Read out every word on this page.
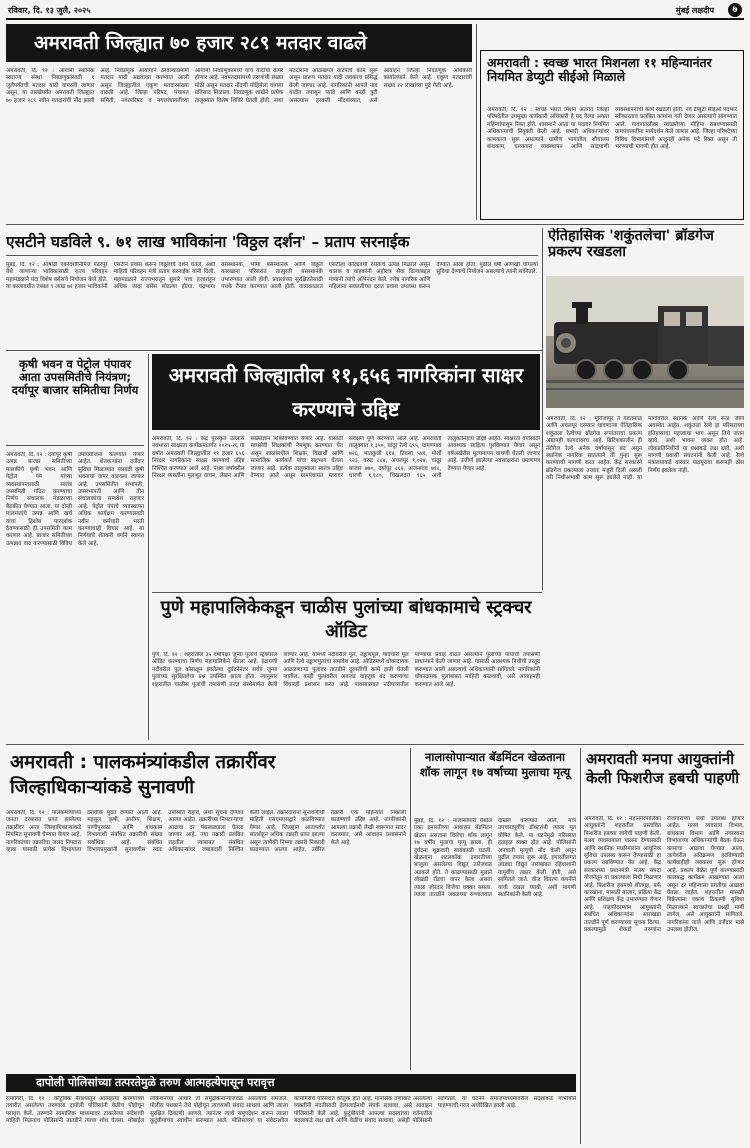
रविवार, दि. १३ जुलै, २०२५	मुंबई लक्षदीप	७
अमरावती जिल्ह्यात ७० हजार २८९ मतदार वाढले
अमरावती, दि. १२ : आगामी स्थानिक स्वराज्य संस्था निवडणुकांसाठी १ जुलैपर्यंतची मतदार यादी वापरली जाणार असून, या तारखेपर्यंत अमरावती जिल्ह्यात ७० हजार २८९ नवीन मतदारांची नोंद झाली आहे. निवडणूक आयोगाने ठरवल्याप्रमाणे मतदार यादी अद्ययावत करण्यात आली असून जिल्ह्यातील एकूण मतदारसंख्या वाढली आहे. जिल्हा परिषद, पंचायत समिती, नगरपरिषद व नगरपंचायतींच्या आगामी निवडणुकांमध्ये याच यादीचा वापर होणार आहे. नवमतदारांमध्ये तरुणांची संख्या मोठी असून मतदार नोंदणी मोहिमेला चांगला प्रतिसाद मिळाला. निवडणूक शाखेने प्रत्येक तालुक्यात विशेष शिबिरे घेतली होती. नव्या मतदारांना ओळखपत्र वाटपाचे काम सुरू असून प्रारूप मतदार यादी लवकरच प्रसिद्ध केली जाणार आहे. नागरिकांनी आपले नाव यादीत तपासून घ्यावे आणि काही त्रुटी असल्यास हरकती नोंदवाव्यात, असे आवाहन जिल्हा निवडणूक अधिकारी कार्यालयाने केले आहे. एकूण मतदारांची संख्या २२ लाखांच्या पुढे गेली आहे.
अमरावती : स्वच्छ भारत मिशनला ११ महिन्यानंतर नियमित डेप्युटी सीईओ मिळाले
अमरावती, दि. १२ : स्वच्छ भारत मिशन अंतर्गत जिल्हा परिषदेतील उपमुख्य कार्यकारी अधिकारी हे पद गेल्या अकरा महिन्यांपासून रिक्त होते. शासनाने आता या पदावर नियमित अधिकाऱ्याची नियुक्ती केली आहे. प्रभारी अधिकाऱ्यांवर कामकाज सुरू असल्याने ग्रामीण भागातील शौचालय बांधकाम, घनकचरा व्यवस्थापन आणि सांडपाणी व्यवस्थापनाची कामे रखडली होती. नवे डेप्युटी सीईओ पदभार स्वीकारताच प्रलंबित कामांना गती देणार असल्याचे सांगण्यात आले. गावपातळीवर स्वच्छतेच्या मोहिमा राबवण्यासाठी ग्रामपंचायतींना मार्गदर्शन केले जाणार आहे. जिल्हा परिषदेच्या विविध विभागांमध्ये अजूनही अनेक पदे रिक्त असून ती भरण्याची मागणी होत आहे.
एसटीने घडविले ९. ७१ लाख भाविकांना 'विठ्ठल दर्शन' – प्रताप सरनाईक
मुंबई, दि. १२ : आषाढी एकादशीनिमित्त पंढरपूर येथे जाणाऱ्या भाविकांसाठी राज्य परिवहन महामंडळाने यंदा विशेष बसेसचे नियोजन केले होते. या कालावधीत तब्बल ९ लाख ७१ हजार भाविकांनी एसटीने प्रवास करून विठ्ठलाचे दर्शन घेतले, अशी माहिती परिवहन मंत्री प्रताप सरनाईक यांनी दिली. महामंडळाने राज्यभरातून सुमारे पाच हजारांहून अधिक जादा बसेस सोडल्या होत्या. चंद्रभागा बसस्थानक, भीमा बसस्थानक आणि विठ्ठल कारखाना परिसरात तात्पुरती बसस्थानके उभारण्यात आली होती. प्रवाशांच्या सुरक्षिततेसाठी पथके तैनात करण्यात आली होती. यात्राकाळात एसटीला कोट्यवधी रुपयांचे उत्पन्न मिळाले असून चालक व वाहकांनी अहोरात्र सेवा दिल्याबद्दल मंत्र्यांनी त्यांचे अभिनंदन केले. ज्येष्ठ नागरिक आणि महिलांना सवलतीच्या दरात प्रवास उपलब्ध करून देण्यात आला होता. पुढील वर्षी आणखी चांगल्या सुविधा देण्याचे नियोजन असल्याचे त्यांनी सांगितले.
ऐतिहासिक 'शकुंतलेचा' ब्रॉडगेज प्रकल्प रखडला
अमरावती, दि. १२ : मूर्तिजापूर ते यवतमाळ आणि अचलपूर दरम्यान धावणाऱ्या ऐतिहासिक शकुंतला रेल्वेच्या ब्रॉडगेज रूपांतराचा प्रकल्प अद्यापही कागदावरच आहे. ब्रिटिशकालीन ही नॅरोगेज रेल्वे अनेक वर्षांपासून बंद असून स्थानिक नागरिक सातत्याने ती पुन्हा सुरू करण्याची मागणी करत आहेत. केंद्र सरकारने ब्रॉडगेज प्रकल्पाला तत्त्वतः मंजुरी दिली असली तरी निधीअभावी काम सुरू झालेले नाही. या मार्गावरील स्थानके आणि रेल्वे रूळ जीर्ण अवस्थेत आहेत. शकुंतला रेल्वे हा परिसराच्या इतिहासाचा महत्त्वाचा भाग असून तिचे जतन व्हावे, अशी भावना व्यक्त होत आहे. लोकप्रतिनिधींनी या प्रश्नाकडे लक्ष द्यावे, अशी मागणी प्रवासी संघटनांनी केली आहे. रेल्वे मंत्रालयाकडे वारंवार पाठपुरावा करूनही ठोस निर्णय झालेला नाही.
कृषी भवन व पेट्रोल पंपावर आता उपसमितीचे नियंत्रण; दर्यापूर बाजार समितीचा निर्णय
अमरावती, दि. १२ : दर्यापूर कृषी उत्पन्न बाजार समितीच्या मालकीचे कृषी भवन आणि पेट्रोल पंप यांच्या व्यवस्थापनासाठी स्वतंत्र उपसमिती गठित करण्याचा निर्णय संचालक मंडळाच्या बैठकीत घेण्यात आला. या दोन्ही मालमत्तांचे उत्पन्न आणि खर्च यांचा हिशोब पारदर्शक ठेवण्यासाठी ही उपसमिती काम करणार आहे. बाजार समितीच्या उत्पन्नात वाढ करण्यासाठी विविध उपाययोजना करण्यात येणार आहेत. शेतकऱ्यांना दर्जेदार सुविधा मिळाव्यात यासाठी कृषी भवनाचा वापर वाढवला जाणार आहे. उपसमितीत सभापती, उपसभापती आणि तीन संचालकांचा समावेश राहणार आहे. पेट्रोल पंपाचे व्यवस्थापन अधिक कार्यक्षम करण्यासाठी नवीन कर्मचारी भरती करण्याचाही विचार आहे. या निर्णयाचे शेतकरी वर्गाने स्वागत केले आहे.
अमरावती जिल्ह्यातील ११,६५६ नागरिकांना साक्षर करण्याचे उद्दिष्ट
अमरावती, दि. १२ : केंद्र पुरस्कृत उल्लास नवभारत साक्षरता कार्यक्रमांतर्गत २०२५-२६ या वर्षात अमरावती जिल्ह्यातील ११ हजार ६५६ निरक्षर नागरिकांना साक्षर करण्याचे उद्दिष्ट निश्चित करण्यात आले आहे. पंधरा वर्षांवरील निरक्षर व्यक्तींना मूलभूत वाचन, लेखन आणि संख्याज्ञान शिकविण्यात येणार आहे. यासाठी स्वयंसेवी शिक्षकांची नेमणूक करण्यात येत असून शाळांमधील शिक्षक, विद्यार्थी आणि सामाजिक कार्यकर्ते यांचा सहभाग घेतला जाणार आहे. प्रत्येक तालुक्याला स्वतंत्र उद्दिष्ट देण्यात आले असून ग्रामपंचायत स्तरावर सर्वेक्षण पूर्ण करण्यात आले आहे. अमरावती तालुक्यात १,३५०, चांदूर रेल्वे ६९५, धामणगाव ७२६, भातकुली ६१४, तिवसा ५४१, मोर्शी ९२३, वरुड ८८४, अचलपूर १,०२४, चांदूर बाजार ७७०, दर्यापूर ८६२, अंजनगाव ७१८, धारणी १,१८०, चिखलदरा ९६५ अशी तालुकानिहाय उद्दिष्टे आहेत. साक्षरता वर्गांसाठी आवश्यक साहित्य पुरविण्यात येणार असून वर्षअखेरीस मूल्यमापन चाचणी घेतली जाणार आहे. उत्तीर्ण झालेल्या नवसाक्षरांना प्रमाणपत्र देण्यात येणार आहे.
पुणे महापालिकेकडून चाळीस पुलांच्या बांधकामाचे स्ट्रक्चर ऑडिट
पुणे, दि. १२ : शहरातील ३५ वर्षांपेक्षा जुन्या पुलांचे स्ट्रक्चरल ऑडिट करण्याचा निर्णय महापालिकेने घेतला आहे. इंद्रायणी नदीवरील पूल कोसळून झालेल्या दुर्घटनेनंतर सर्वच जुन्या पुलांच्या सुरक्षिततेचा प्रश्न उपस्थित झाला होता. त्यानुसार शहरातील चाळीस पुलांची तपासणी तज्ज्ञ संस्थेमार्फत केली जाणार आहे. यामध्ये नदीवरील पूल, उड्डाणपूल, पादचारी पूल आणि रेल्वे उड्डाणपुलांचा समावेश आहे. ऑडिटमध्ये धोकादायक आढळणाऱ्या पुलांवर तातडीने दुरुस्तीची कामे हाती घेतली जातील. काही पुलांवरील अवजड वाहतूक बंद करण्याचा विचारही प्रशासन करत आहे. पावसाळ्यात नदीपात्रातील पाण्याचा प्रवाह वाढत असल्याने पुलांच्या पायाची तपासणी प्राधान्याने केली जाणार आहे. यासाठी आवश्यक निधीची तरतूद करण्यात आली असल्याचे अधिकाऱ्यांनी सांगितले. नागरिकांनी धोकादायक पुलांबाबत माहिती कळवावी, असे आवाहनही करण्यात आले आहे.
अमरावती : पालकमंत्र्यांकडील तक्रारींवर जिल्हाधिकाऱ्यांकडे सुनावणी
अमरावती, दि. १२ : पालकमंत्र्यांच्या जनता दरबारात प्राप्त झालेल्या तक्रारींवर आता जिल्हाधिकाऱ्यांकडे नियमित सुनावणी घेण्यात येणार आहे. नागरिकांच्या तक्रारींचा जलद निपटारा व्हावा यासाठी प्रत्येक विभागाला ठरावीक मुदत देण्यात आली आहे. महसूल, कृषी, आरोग्य, शिक्षण, पाणीपुरवठा आणि बांधकाम विभागाशी संबंधित तक्रारींची संख्या सर्वाधिक आहे. संबंधित विभागप्रमुखांनी सुनावणीस स्वतः उपस्थित राहावे, अशा सूचना देण्यात आल्या आहेत. तक्रारींच्या निपटाऱ्याचा आढावा दर पंधरवड्याला घेतला जाणार आहे. ज्या तक्रारी प्रलंबित राहतील त्याबाबत संबंधित अधिकाऱ्यांवर जबाबदारी निश्चित केली जाईल. तक्रारदारांना सुनावणीची माहिती एसएमएसद्वारे कळविण्यात येणार आहे. जिल्ह्यात आतापर्यंत सातशेहून अधिक तक्रारी प्राप्त झाल्या असून त्यापैकी निम्म्या तक्रारी निकाली काढण्यात आल्या आहेत. उर्वरित तक्रारी एक महिन्यात निकाली काढण्याचे उद्दिष्ट आहे. नागरिकांनी आपल्या तक्रारी लेखी स्वरूपात सादर कराव्यात, असे आवाहन प्रशासनाने केले आहे.
नालासोपाऱ्यात बॅडमिंटन खेळताना शॉक लागून १७ वर्षाच्या मुलाचा मृत्यू
मुंबई, दि. १२ : नालासोपारा येथील एका इमारतीच्या आवारात बॅडमिंटन खेळत असताना विजेचा शॉक लागून १७ वर्षीय मुलाचा मृत्यू झाला. ही दुर्घटना शुक्रवारी सायंकाळी घडली. खेळताना शटलकॉक इमारतीच्या बाजूला असलेल्या विद्युत तारेजवळ अडकले होते. ते काढण्यासाठी मुलाने लोखंडी रॉडचा वापर केला असता त्याला जोरदार विजेचा धक्का बसला. त्याला तातडीने जवळच्या रुग्णालयात दाखल करण्यात आले, मात्र उपचारापूर्वीच डॉक्टरांनी त्याला मृत घोषित केले. या घटनेमुळे परिसरात हळहळ व्यक्त होत आहे. पोलिसांनी अपघाती मृत्यूची नोंद केली असून पुढील तपास सुरू आहे. इमारतीलगत उघड्या विद्युत तारांबाबत रहिवाशांनी यापूर्वीच तक्रार केली होती, असे सांगितले जाते. वीज वितरण कंपनीने याची दखल घ्यावी, अशी मागणी स्थानिकांनी केली आहे.
अमरावती मनपा आयुक्तांनी केली फिशरीज हबची पाहणी
अमरावती, दि. १२ : महानगरपालिका आयुक्तांनी शहरातील प्रस्तावित फिशरीज हबच्या जागेची पाहणी केली. मत्स्य व्यवसायाला चालना देण्यासाठी आणि स्थानिक मच्छीमारांना आधुनिक सुविधा उपलब्ध करून देण्यासाठी हा प्रकल्प राबविण्यात येत आहे. केंद्र सरकारच्या प्रधानमंत्री मत्स्य संपदा योजनेतून या प्रकल्पाला निधी मिळणार आहे. फिशरीज हबमध्ये शीतगृह, बर्फ कारखाना, मासळी बाजार, प्रक्रिया केंद्र आणि प्रशिक्षण केंद्र उभारण्यात येणार आहे. पाहणीदरम्यान आयुक्तांनी संबंधित अधिकाऱ्यांना आराखडा तातडीने पूर्ण करण्याच्या सूचना दिल्या. प्रकल्पामुळे शेकडो तरुणांना रोजगाराच्या संधी उपलब्ध होणार आहेत. मत्स्य व्यवसाय विभाग, बांधकाम विभाग आणि नगररचना विभागाच्या अधिकाऱ्यांची बैठक घेऊन कामाचा आढावा घेण्यात आला. जागेवरील अतिक्रमण हटविण्याची कार्यवाहीही लवकरच सुरू होणार आहे. प्रकल्प वेळेत पूर्ण करण्यासाठी कालबद्ध कार्यक्रम आखण्यात आला असून दर महिन्याला प्रगतीचा आढावा घेतला जाईल. शहरातील मासळी विक्रेत्यांना एकाच ठिकाणी सुविधा मिळाल्याने स्वच्छतेचा प्रश्नही मार्गी लागेल, असे आयुक्तांनी सांगितले. नागरिकांना ताजे आणि दर्जेदार मासे उपलब्ध होतील.
दापोली पोलिसांच्या तत्परतेमुळे तरुण आत्महत्येपासून परावृत्त
रत्नागिरी, दि. १२ : कौटुंबिक नैराश्यातून आत्महत्या करण्याच्या तयारीत असलेल्या तरुणाला दापोली पोलिसांनी वेळीच पोहोचून परावृत्त केले. तरुणाने सामाजिक माध्यमावर टाकलेल्या संदेशाची माहिती मिळताच पोलिसांनी तातडीने त्याचा शोध घेतला. मोबाईल लोकेशनच्या आधारे तो समुद्रकिनाऱ्याजवळ असल्याचे समजले. पोलीस पथकाने तेथे पोहोचून त्याच्याशी संवाद साधला आणि त्याला सुरक्षित ठिकाणी आणले. त्यानंतर त्याचे समुपदेशन करून त्याला कुटुंबीयांच्या स्वाधीन करण्यात आले. पोलिसांच्या या संवेदनशील कामगिरीचे परिसरात कौतुक होत आहे. मानसिक तणावात असलेल्या व्यक्तींनी मदतीसाठी हेल्पलाईनशी संपर्क साधावा, असे आवाहन पोलिसांनी केले आहे. कुटुंबीयांनी आपल्या सदस्यांच्या वर्तनातील बदलांकडे लक्ष द्यावे आणि वेळीच संवाद साधावा, असेही पोलिसांनी सांगितले. या घटनेने समाजमाध्यमांवरील संदेशांकडे गांभीर्याने पाहण्याची गरज अधोरेखित झाली आहे.
